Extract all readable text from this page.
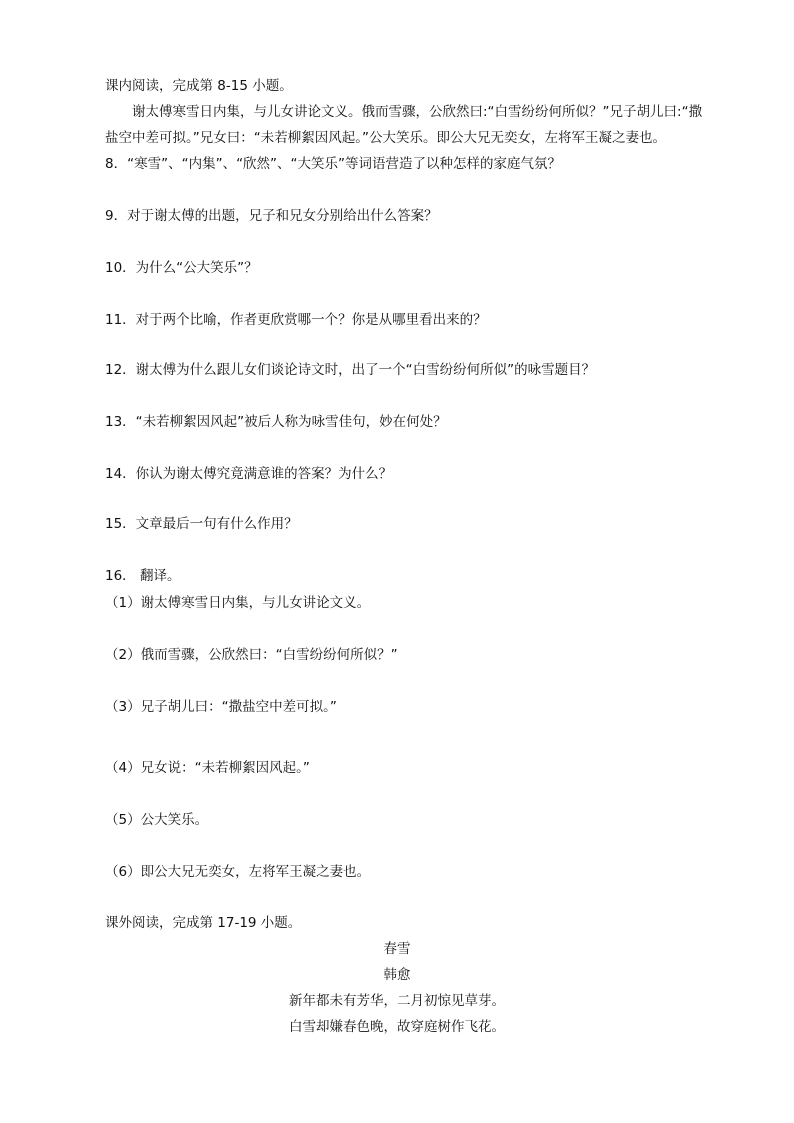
课内阅读，完成第 8-15 小题。
谢太傅寒雪日内集，与儿女讲论文义。俄而雪骤，公欣然曰:“白雪纷纷何所似？”兄子胡儿曰:“撒
盐空中差可拟。”兄女曰：“未若柳絮因风起。”公大笑乐。即公大兄无奕女，左将军王凝之妻也。
8．“寒雪”、“内集”、“欣然”、“大笑乐”等词语营造了以种怎样的家庭气氛？
9．对于谢太傅的出题，兄子和兄女分别给出什么答案？
10．为什么“公大笑乐”？
11．对于两个比喻，作者更欣赏哪一个？你是从哪里看出来的？
12．谢太傅为什么跟儿女们谈论诗文时，出了一个“白雪纷纷何所似”的咏雪题目？
13．“未若柳絮因风起”被后人称为咏雪佳句，妙在何处？
14．你认为谢太傅究竟满意谁的答案？为什么？
15．文章最后一句有什么作用？
16． 翻译。
（1）谢太傅寒雪日内集，与儿女讲论文义。
（2）俄而雪骤，公欣然曰：“白雪纷纷何所似？”
（3）兄子胡儿曰：“撒盐空中差可拟。”
（4）兄女说：“未若柳絮因风起。”
（5）公大笑乐。
（6）即公大兄无奕女，左将军王凝之妻也。
课外阅读，完成第 17-19 小题。
春雪
韩愈
新年都未有芳华，二月初惊见草芽。
白雪却嫌春色晚，故穿庭树作飞花。
